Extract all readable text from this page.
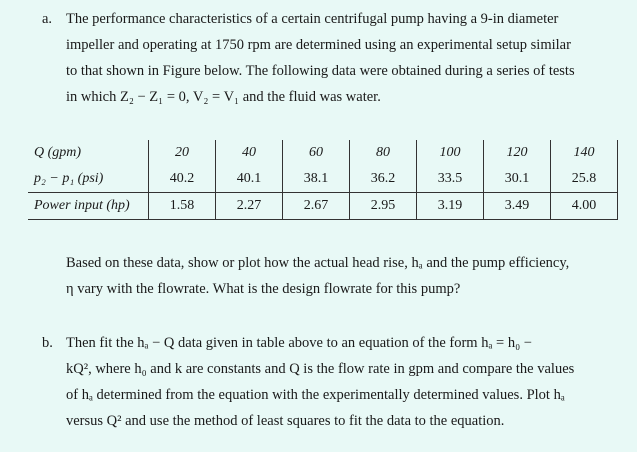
a. The performance characteristics of a certain centrifugal pump having a 9-in diameter
impeller and operating at 1750 rpm are determined using an experimental setup similar
to that shown in Figure below. The following data were obtained during a series of tests
in which Z₂ − Z₁ = 0, V₂ = V₁ and the fluid was water.
Q (gpm)	20	40	60	80	100	120	140
p₂ − p₁ (psi)	40.2	40.1	38.1	36.2	33.5	30.1	25.8
Power input (hp)	1.58	2.27	2.67	2.95	3.19	3.49	4.00
Based on these data, show or plot how the actual head rise, hₐ and the pump efficiency,
η vary with the flowrate. What is the design flowrate for this pump?
b. Then fit the hₐ − Q data given in table above to an equation of the form hₐ = h₀ −
kQ², where h₀ and k are constants and Q is the flow rate in gpm and compare the values
of hₐ determined from the equation with the experimentally determined values. Plot hₐ
versus Q² and use the method of least squares to fit the data to the equation.
